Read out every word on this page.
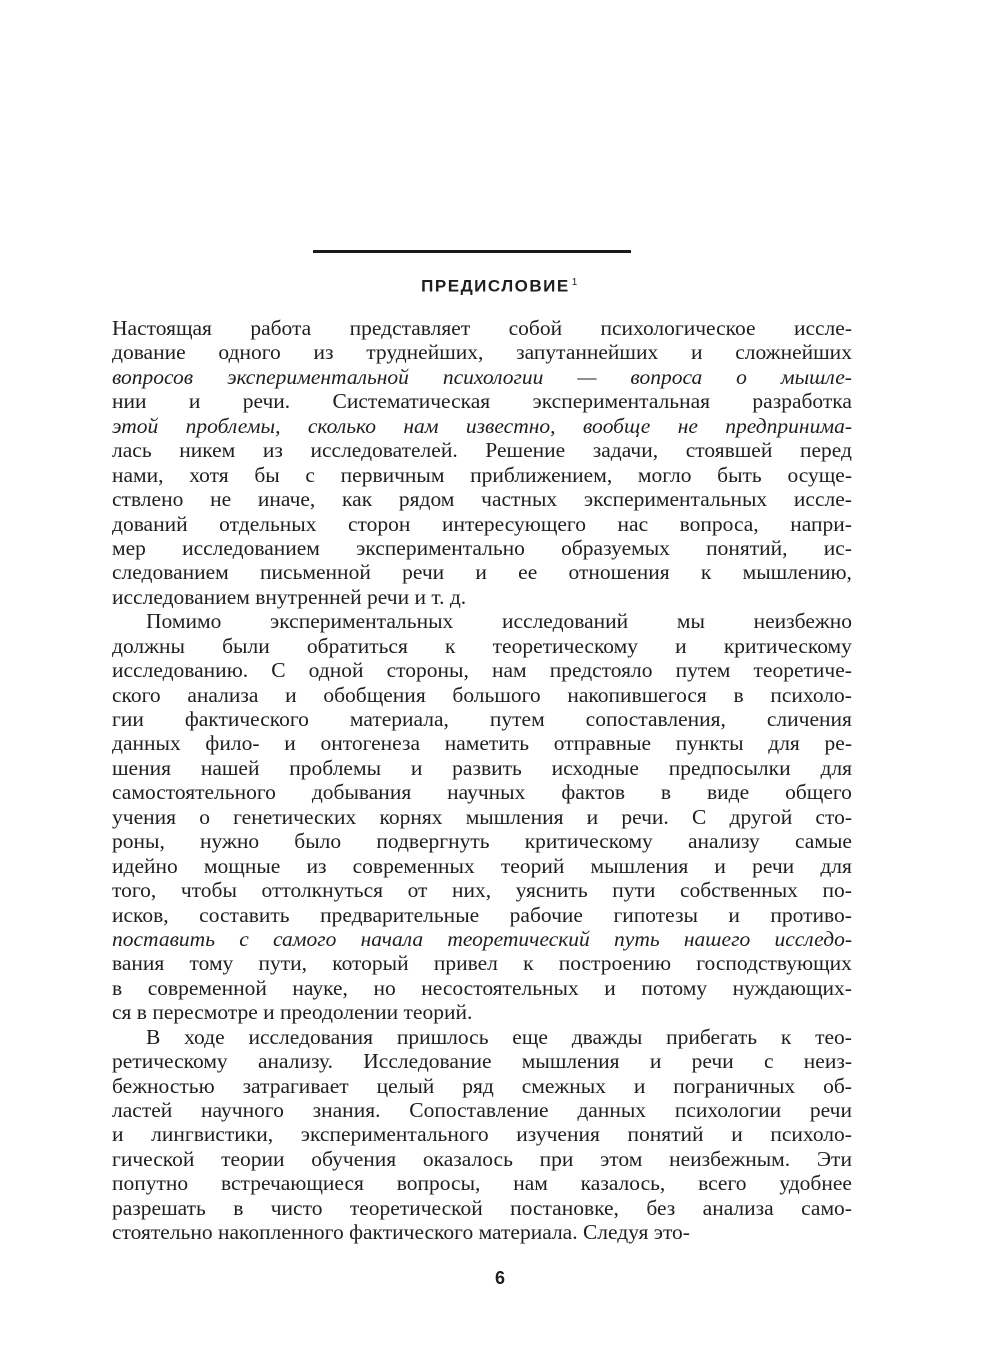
ПРЕДИСЛОВИЕ $^1$
Настоящая работа представляет собой психологическое иссле-
дование одного из труднейших, запутаннейших и сложнейших
вопросов экспериментальной психологии — вопроса о мышле-
нии и речи. Систематическая экспериментальная разработка
этой проблемы, сколько нам известно, вообще не предпринима-
лась никем из исследователей. Решение задачи, стоявшей перед
нами, хотя бы с первичным приближением, могло быть осуще-
ствлено не иначе, как рядом частных экспериментальных иссле-
дований отдельных сторон интересующего нас вопроса, напри-
мер исследованием экспериментально образуемых понятий, ис-
следованием письменной речи и ее отношения к мышлению,
исследованием внутренней речи и т. д.
Помимо экспериментальных исследований мы неизбежно
должны были обратиться к теоретическому и критическому
исследованию. С одной стороны, нам предстояло путем теоретиче-
ского анализа и обобщения большого накопившегося в психоло-
гии фактического материала, путем сопоставления, сличения
данных фило- и онтогенеза наметить отправные пункты для ре-
шения нашей проблемы и развить исходные предпосылки для
самостоятельного добывания научных фактов в виде общего
учения о генетических корнях мышления и речи. С другой сто-
роны, нужно было подвергнуть критическому анализу самые
идейно мощные из современных теорий мышления и речи для
того, чтобы оттолкнуться от них, уяснить пути собственных по-
исков, составить предварительные рабочие гипотезы и противо-
поставить с самого начала теоретический путь нашего исследо-
вания тому пути, который привел к построению господствующих
в современной науке, но несостоятельных и потому нуждающих-
ся в пересмотре и преодолении теорий.
В ходе исследования пришлось еще дважды прибегать к тео-
ретическому анализу. Исследование мышления и речи с неиз-
бежностью затрагивает целый ряд смежных и пограничных об-
ластей научного знания. Сопоставление данных психологии речи
и лингвистики, экспериментального изучения понятий и психоло-
гической теории обучения оказалось при этом неизбежным. Эти
попутно встречающиеся вопросы, нам казалось, всего удобнее
разрешать в чисто теоретической постановке, без анализа само-
стоятельно накопленного фактического материала. Следуя это-
6
